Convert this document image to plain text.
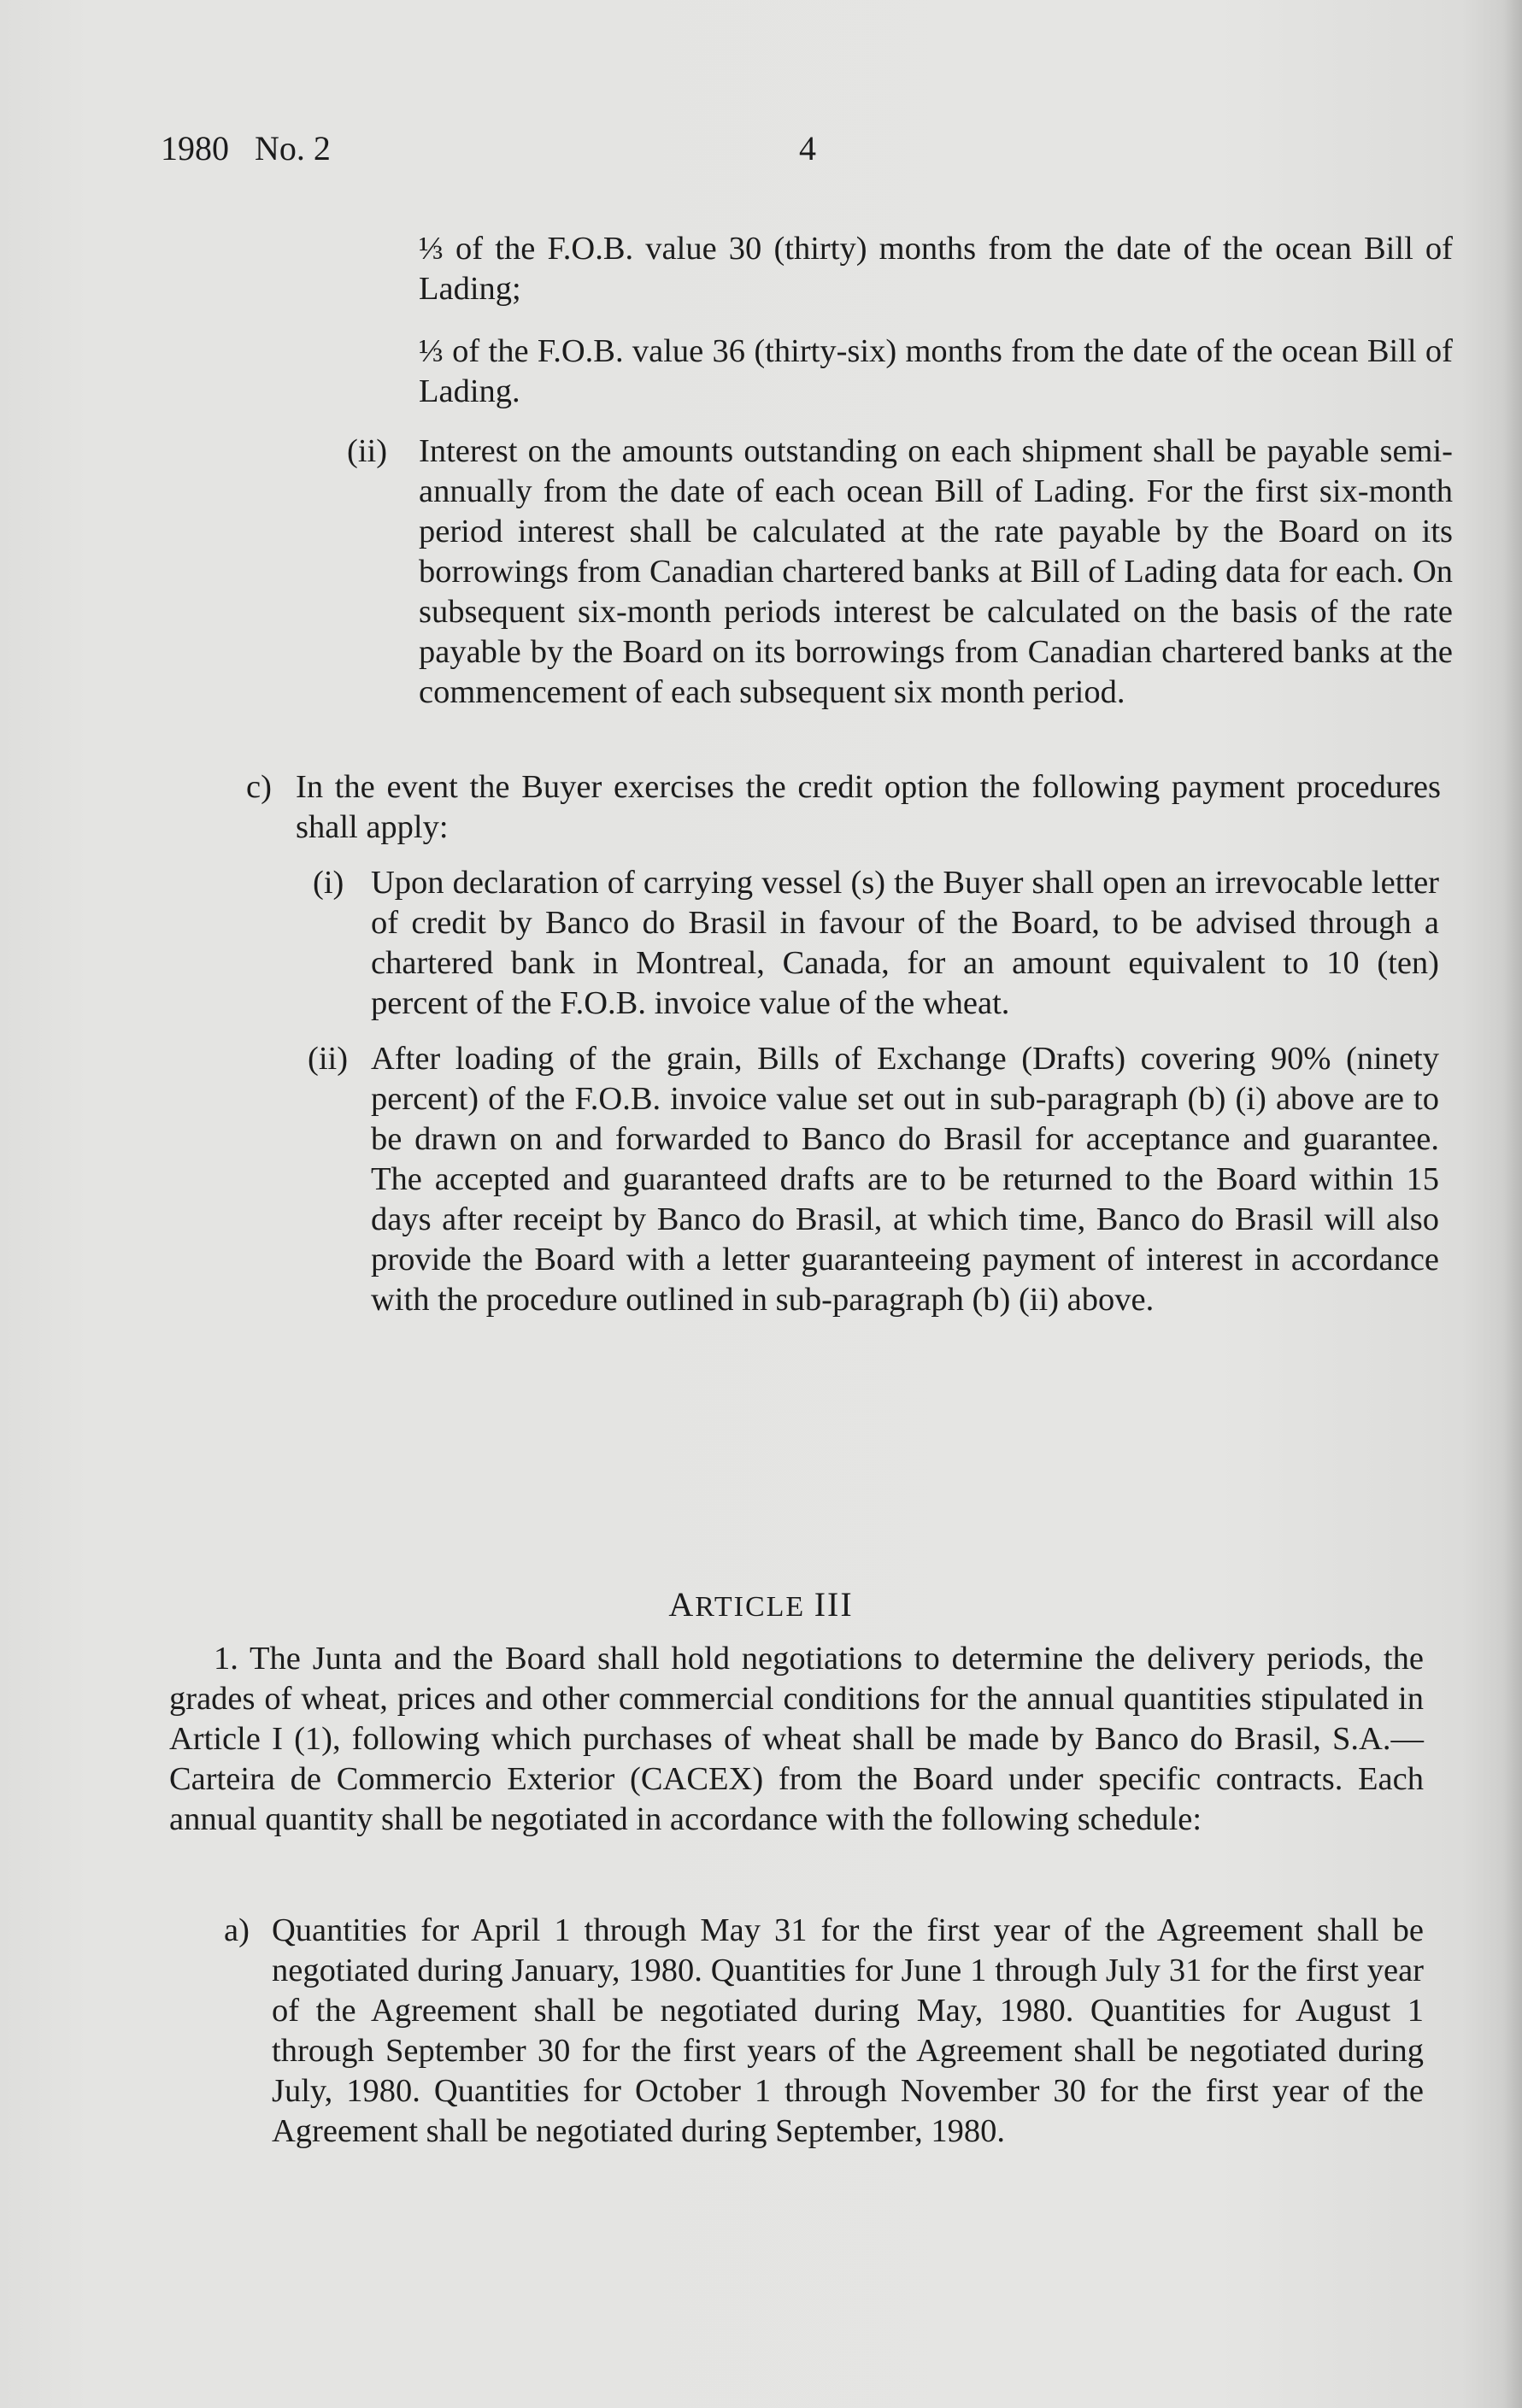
1980   No. 2	4
⅓ of the F.O.B. value 30 (thirty) months from the date of the ocean Bill of Lading;
⅓ of the F.O.B. value 36 (thirty-six) months from the date of the ocean Bill of Lading.
(ii) Interest on the amounts outstanding on each shipment shall be payable semi-annually from the date of each ocean Bill of Lading. For the first six-month period interest shall be calculated at the rate payable by the Board on its borrowings from Canadian chartered banks at Bill of Lading data for each. On subsequent six-month periods interest be calculated on the basis of the rate payable by the Board on its borrowings from Canadian chartered banks at the commencement of each subsequent six month period.
c) In the event the Buyer exercises the credit option the following payment procedures shall apply:
(i) Upon declaration of carrying vessel (s) the Buyer shall open an irrevocable letter of credit by Banco do Brasil in favour of the Board, to be advised through a chartered bank in Montreal, Canada, for an amount equivalent to 10 (ten) percent of the F.O.B. invoice value of the wheat.
(ii) After loading of the grain, Bills of Exchange (Drafts) covering 90% (ninety percent) of the F.O.B. invoice value set out in sub-paragraph (b) (i) above are to be drawn on and forwarded to Banco do Brasil for acceptance and guarantee. The accepted and guaranteed drafts are to be returned to the Board within 15 days after receipt by Banco do Brasil, at which time, Banco do Brasil will also provide the Board with a letter guaranteeing payment of interest in accordance with the procedure outlined in sub-paragraph (b) (ii) above.
ARTICLE III
1. The Junta and the Board shall hold negotiations to determine the delivery periods, the grades of wheat, prices and other commercial conditions for the annual quantities stipulated in Article I (1), following which purchases of wheat shall be made by Banco do Brasil, S.A.—Carteira de Commercio Exterior (CACEX) from the Board under specific contracts. Each annual quantity shall be negotiated in accordance with the following schedule:
a) Quantities for April 1 through May 31 for the first year of the Agreement shall be negotiated during January, 1980. Quantities for June 1 through July 31 for the first year of the Agreement shall be negotiated during May, 1980. Quantities for August 1 through September 30 for the first years of the Agreement shall be negotiated during July, 1980. Quantities for October 1 through November 30 for the first year of the Agreement shall be negotiated during September, 1980.
